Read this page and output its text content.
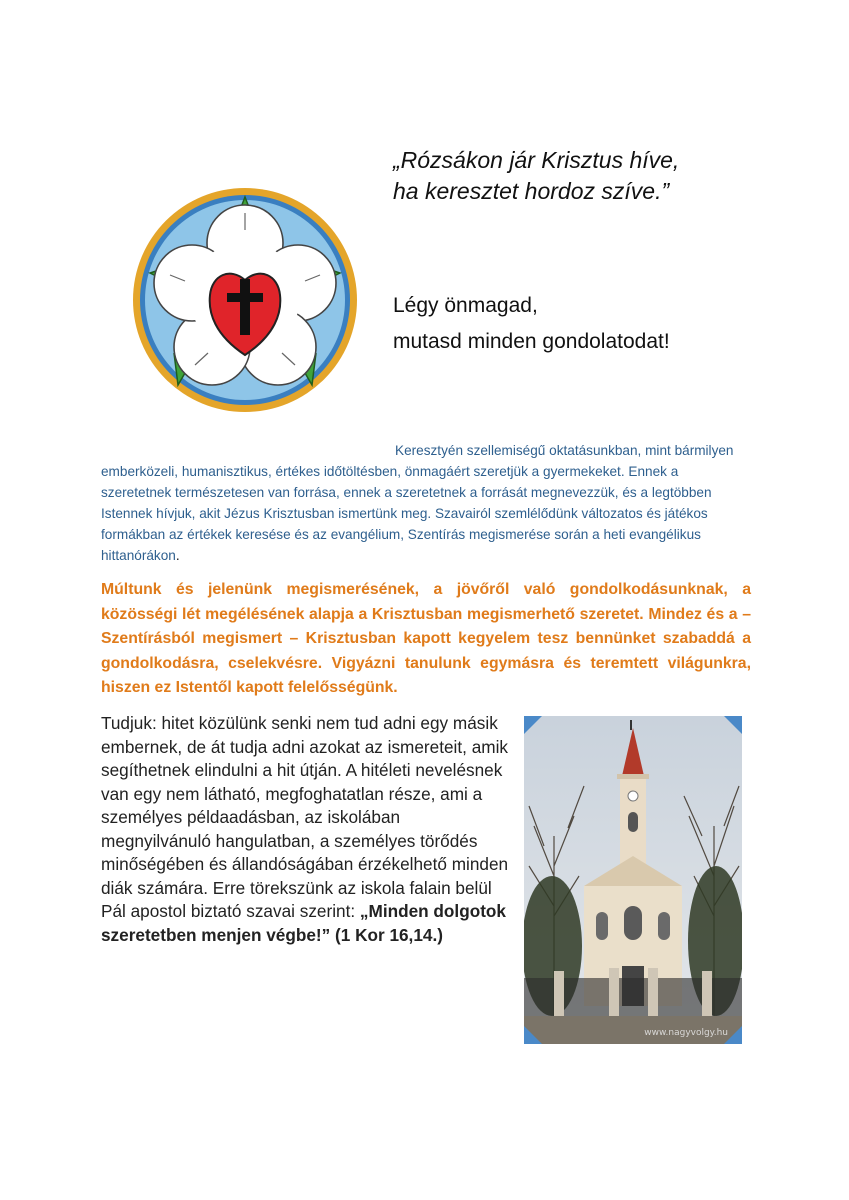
„Rózsákon jár Krisztus híve,
ha keresztet hordoz szíve.”
Légy önmagad,
mutasd minden gondolatodat!
Keresztyén szellemiségű oktatásunkban, mint bármilyen emberközeli, humanisztikus, értékes időtöltésben, önmagáért szeretjük a gyermekeket. Ennek a szeretetnek természetesen van forrása, ennek a szeretetnek a forrását megnevezzük, és a legtöbben Istennek hívjuk, akit Jézus Krisztusban ismertünk meg. Szavairól szemlélődünk változatos és játékos formákban az értékek keresése és az evangélium, Szentírás megismerése során a heti evangélikus hittanórákon.
Múltunk és jelenünk megismerésének, a jövőről való gondolkodásunknak, a közösségi lét megélésének alapja a Krisztusban megismerhető szeretet. Mindez és a – Szentírásból megismert – Krisztusban kapott kegyelem tesz bennünket szabaddá a gondolkodásra, cselekvésre. Vigyázni tanulunk egymásra és teremtett világunkra, hiszen ez Istentől kapott felelősségünk.
Tudjuk: hitet közülünk senki nem tud adni egy másik embernek, de át tudja adni azokat az ismereteit, amik segíthetnek elindulni a hit útján. A hitéleti nevelésnek van egy nem látható, megfoghatatlan része, ami a személyes példaadásban, az iskolában megnyilvánuló hangulatban, a személyes törődés minőségében és állandóságában érzékelhető minden diák számára. Erre törekszünk az iskola falain belül Pál apostol biztató szavai szerint: „Minden dolgotok szeretetben menjen végbe!” (1 Kor 16,14.)
www.nagyvolgy.hu
